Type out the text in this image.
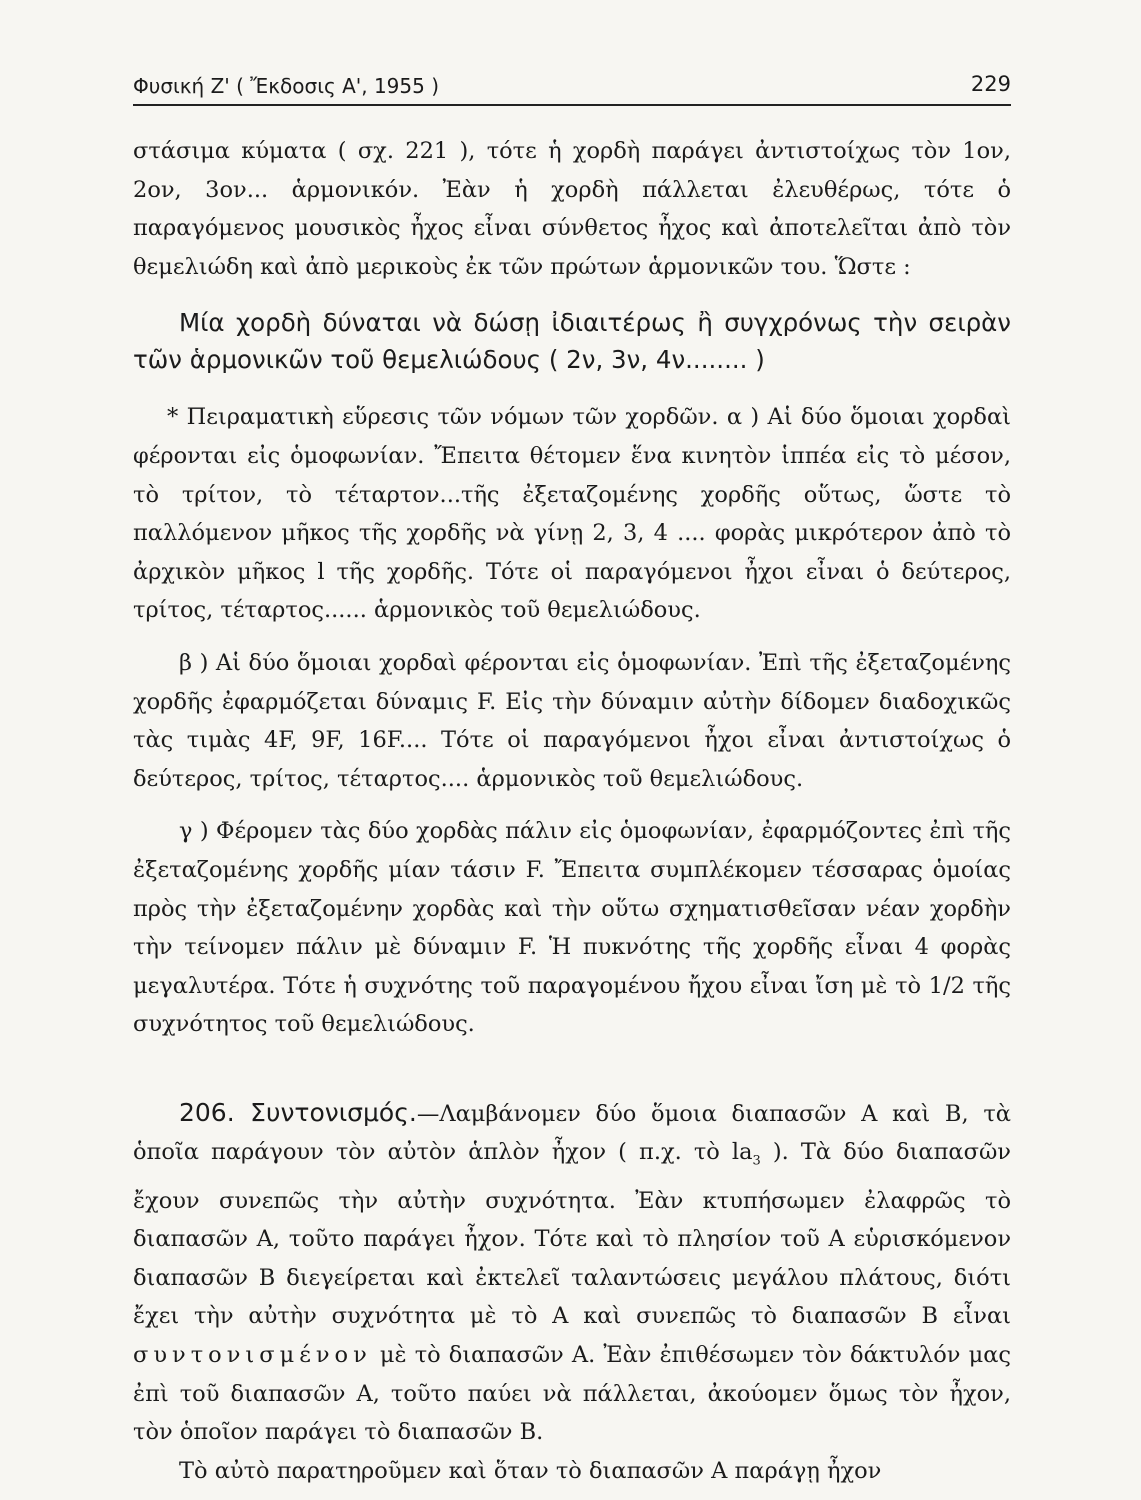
Φυσική Ζ' ( Ἔκδοσις Α', 1955 )	229

στάσιμα κύματα ( σχ. 221 ), τότε ἡ χορδὴ παράγει ἀντιστοίχως τὸν 1ον, 2ον, 3ον... ἁρμονικόν. Ἐὰν ἡ χορδὴ πάλλεται ἐλευθέρως, τότε ὁ παραγόμενος μουσικὸς ἦχος εἶναι σύνθετος ἦχος καὶ ἀποτελεῖται ἀπὸ τὸν θεμελιώδη καὶ ἀπὸ μερικοὺς ἐκ τῶν πρώτων ἁρμονικῶν του. Ὥστε :

Μία χορδὴ δύναται νὰ δώσῃ ἰδιαιτέρως ἢ συγχρόνως τὴν σειρὰν τῶν ἁρμονικῶν τοῦ θεμελιώδους ( 2ν, 3ν, 4ν........ )

* Πειραματικὴ εὕρεσις τῶν νόμων τῶν χορδῶν. α ) Αἱ δύο ὅμοιαι χορδαὶ φέρονται εἰς ὁμοφωνίαν. Ἔπειτα θέτομεν ἕνα κινητὸν ἱππέα εἰς τὸ μέσον, τὸ τρίτον, τὸ τέταρτον...τῆς ἐξεταζομένης χορδῆς οὕτως, ὥστε τὸ παλλόμενον μῆκος τῆς χορδῆς νὰ γίνῃ 2, 3, 4 .... φορὰς μικρότερον ἀπὸ τὸ ἀρχικὸν μῆκος l τῆς χορδῆς. Τότε οἱ παραγόμενοι ἦχοι εἶναι ὁ δεύτερος, τρίτος, τέταρτος...... ἁρμονικὸς τοῦ θεμελιώδους.

β ) Αἱ δύο ὅμοιαι χορδαὶ φέρονται εἰς ὁμοφωνίαν. Ἐπὶ τῆς ἐξεταζομένης χορδῆς ἐφαρμόζεται δύναμις F. Εἰς τὴν δύναμιν αὐτὴν δίδομεν διαδοχικῶς τὰς τιμὰς 4F, 9F, 16F.... Τότε οἱ παραγόμενοι ἦχοι εἶναι ἀντιστοίχως ὁ δεύτερος, τρίτος, τέταρτος.... ἁρμονικὸς τοῦ θεμελιώδους.

γ ) Φέρομεν τὰς δύο χορδὰς πάλιν εἰς ὁμοφωνίαν, ἐφαρμόζοντες ἐπὶ τῆς ἐξεταζομένης χορδῆς μίαν τάσιν F. Ἔπειτα συμπλέκομεν τέσσαρας ὁμοίας πρὸς τὴν ἐξεταζομένην χορδὰς καὶ τὴν οὕτω σχηματισθεῖσαν νέαν χορδὴν τὴν τείνομεν πάλιν μὲ δύναμιν F. Ἡ πυκνότης τῆς χορδῆς εἶναι 4 φορὰς μεγαλυτέρα. Τότε ἡ συχνότης τοῦ παραγομένου ἤχου εἶναι ἴση μὲ τὸ 1/2 τῆς συχνότητος τοῦ θεμελιώδους.

206. Συντονισμός.—Λαμβάνομεν δύο ὅμοια διαπασῶν Α καὶ Β, τὰ ὁποῖα παράγουν τὸν αὐτὸν ἁπλὸν ἦχον ( π.χ. τὸ $la_3$ ). Τὰ δύο διαπασῶν ἔχουν συνεπῶς τὴν αὐτὴν συχνότητα. Ἐὰν κτυπήσωμεν ἐλαφρῶς τὸ διαπασῶν Α, τοῦτο παράγει ἦχον. Τότε καὶ τὸ πλησίον τοῦ Α εὑρισκόμενον διαπασῶν Β διεγείρεται καὶ ἐκτελεῖ ταλαντώσεις μεγάλου πλάτους, διότι ἔχει τὴν αὐτὴν συχνότητα μὲ τὸ Α καὶ συνεπῶς τὸ διαπασῶν Β εἶναι συντονισμένον μὲ τὸ διαπασῶν Α. Ἐὰν ἐπιθέσωμεν τὸν δάκτυλόν μας ἐπὶ τοῦ διαπασῶν Α, τοῦτο παύει νὰ πάλλεται, ἀκούομεν ὅμως τὸν ἦχον, τὸν ὁποῖον παράγει τὸ διαπασῶν Β.

Τὸ αὐτὸ παρατηροῦμεν καὶ ὅταν τὸ διαπασῶν Α παράγῃ ἦχον
